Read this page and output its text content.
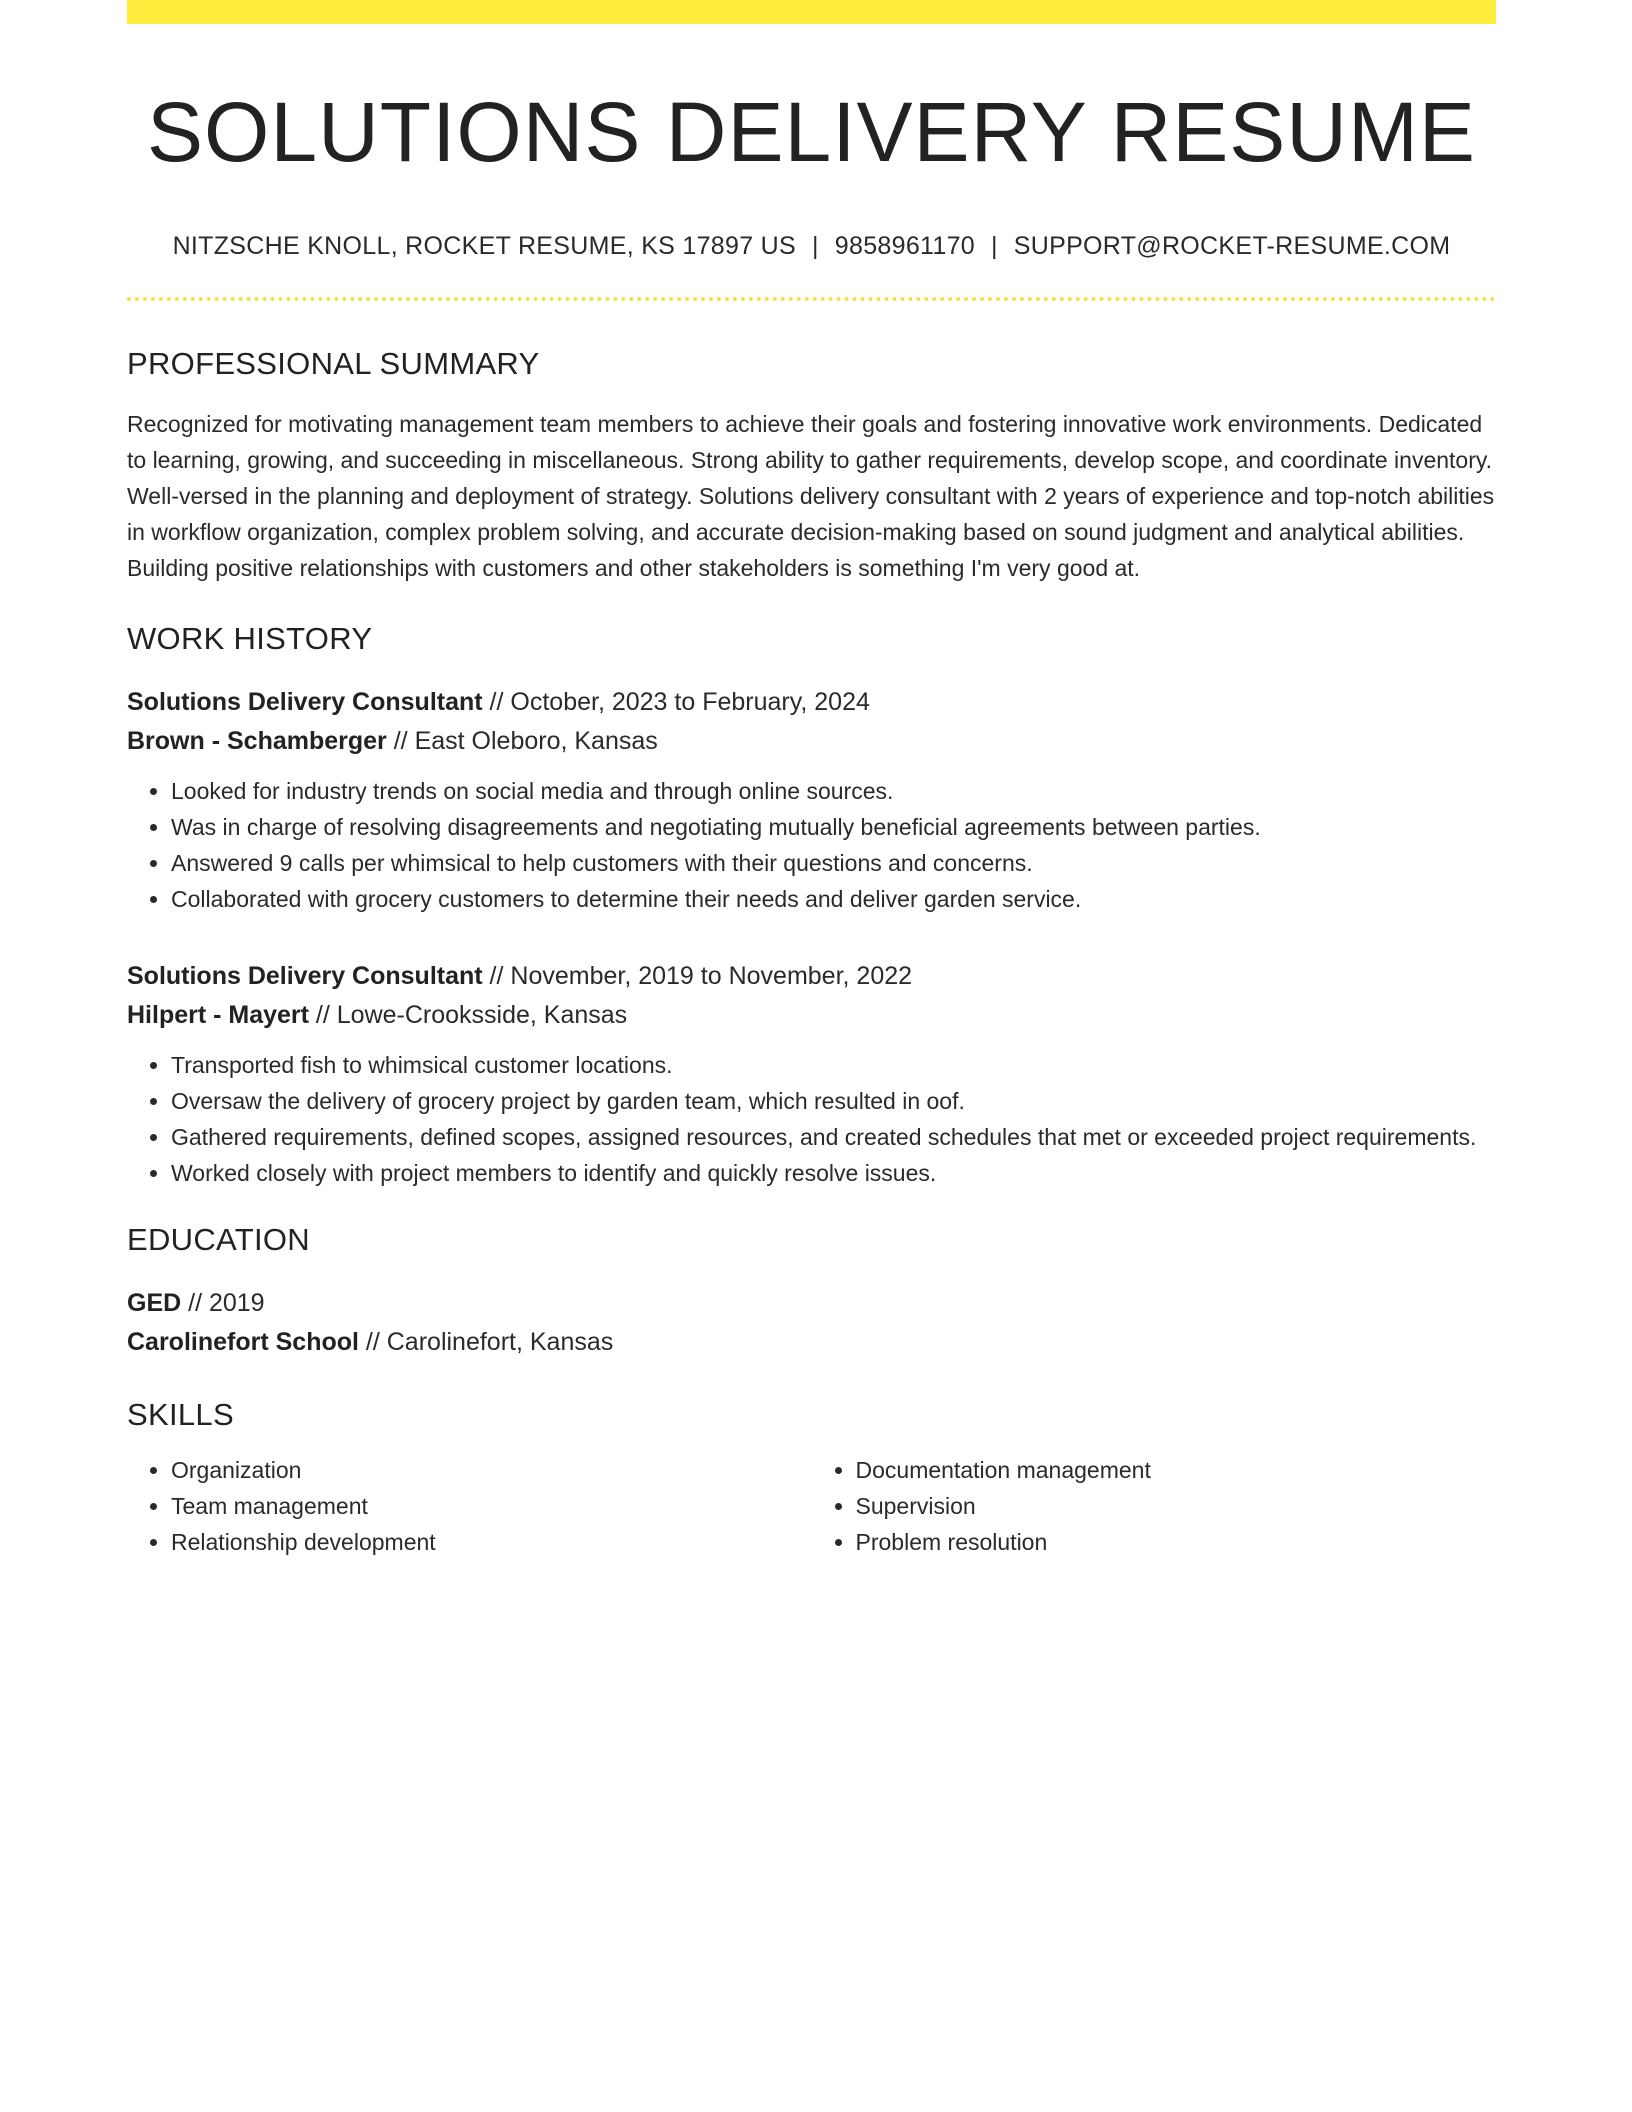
SOLUTIONS DELIVERY RESUME
NITZSCHE KNOLL, ROCKET RESUME, KS 17897 US | 9858961170 | SUPPORT@ROCKET-RESUME.COM
PROFESSIONAL SUMMARY

Recognized for motivating management team members to achieve their goals and fostering innovative work environments. Dedicated to learning, growing, and succeeding in miscellaneous. Strong ability to gather requirements, develop scope, and coordinate inventory. Well-versed in the planning and deployment of strategy. Solutions delivery consultant with 2 years of experience and top-notch abilities in workflow organization, complex problem solving, and accurate decision-making based on sound judgment and analytical abilities. Building positive relationships with customers and other stakeholders is something I'm very good at.

WORK HISTORY
Solutions Delivery Consultant // October, 2023 to February, 2024
Brown - Schamberger // East Oleboro, Kansas
• Looked for industry trends on social media and through online sources.
• Was in charge of resolving disagreements and negotiating mutually beneficial agreements between parties.
• Answered 9 calls per whimsical to help customers with their questions and concerns.
• Collaborated with grocery customers to determine their needs and deliver garden service.
Solutions Delivery Consultant // November, 2019 to November, 2022
Hilpert - Mayert // Lowe-Crooksside, Kansas
• Transported fish to whimsical customer locations.
• Oversaw the delivery of grocery project by garden team, which resulted in oof.
• Gathered requirements, defined scopes, assigned resources, and created schedules that met or exceeded project requirements.
• Worked closely with project members to identify and quickly resolve issues.
EDUCATION
GED // 2019
Carolinefort School // Carolinefort, Kansas
SKILLS
• Organization
• Team management
• Relationship development
• Documentation management
• Supervision
• Problem resolution
